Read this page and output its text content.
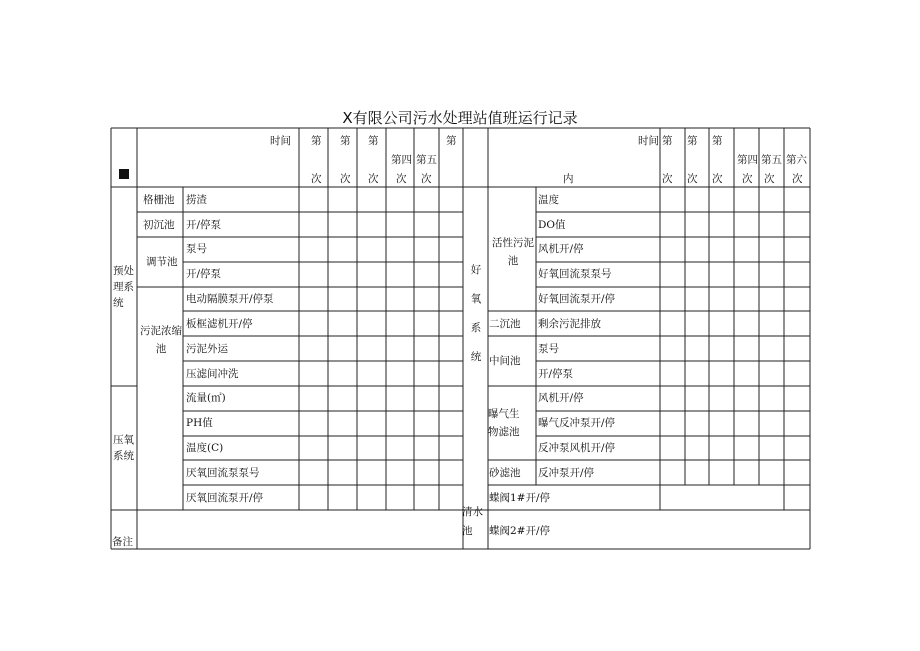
X有限公司污水处理站值班运行记录
时间 第
次
第
次
第
次
第四
次
第五
次
第	时间
内
第
次
第
次
第
次
第四
次
第五
次
第六
次
预处理系统
压氧系统
备注
格栅池
初沉池
调节池
污泥浓缩池
捞渣
开/停泵
泵号
开/停泵
电动隔膜泵开/停泵
板框滤机开/停
污泥外运
压滤间冲洗
流量(㎡)
PH值
温度(C)
厌氧回流泵泵号
厌氧回流泵开/停
好氧系统
清水池
活性污泥池
二沉池
中间池
曝气生物滤池
砂滤池
温度
DO值
风机开/停
好氧回流泵泵号
好氧回流泵开/停
剩余污泥排放
泵号
开/停泵
风机开/停
曝气反冲泵开/停
反冲泵风机开/停
反冲泵开/停
蝶阀1#开/停
蝶阀2#开/停
